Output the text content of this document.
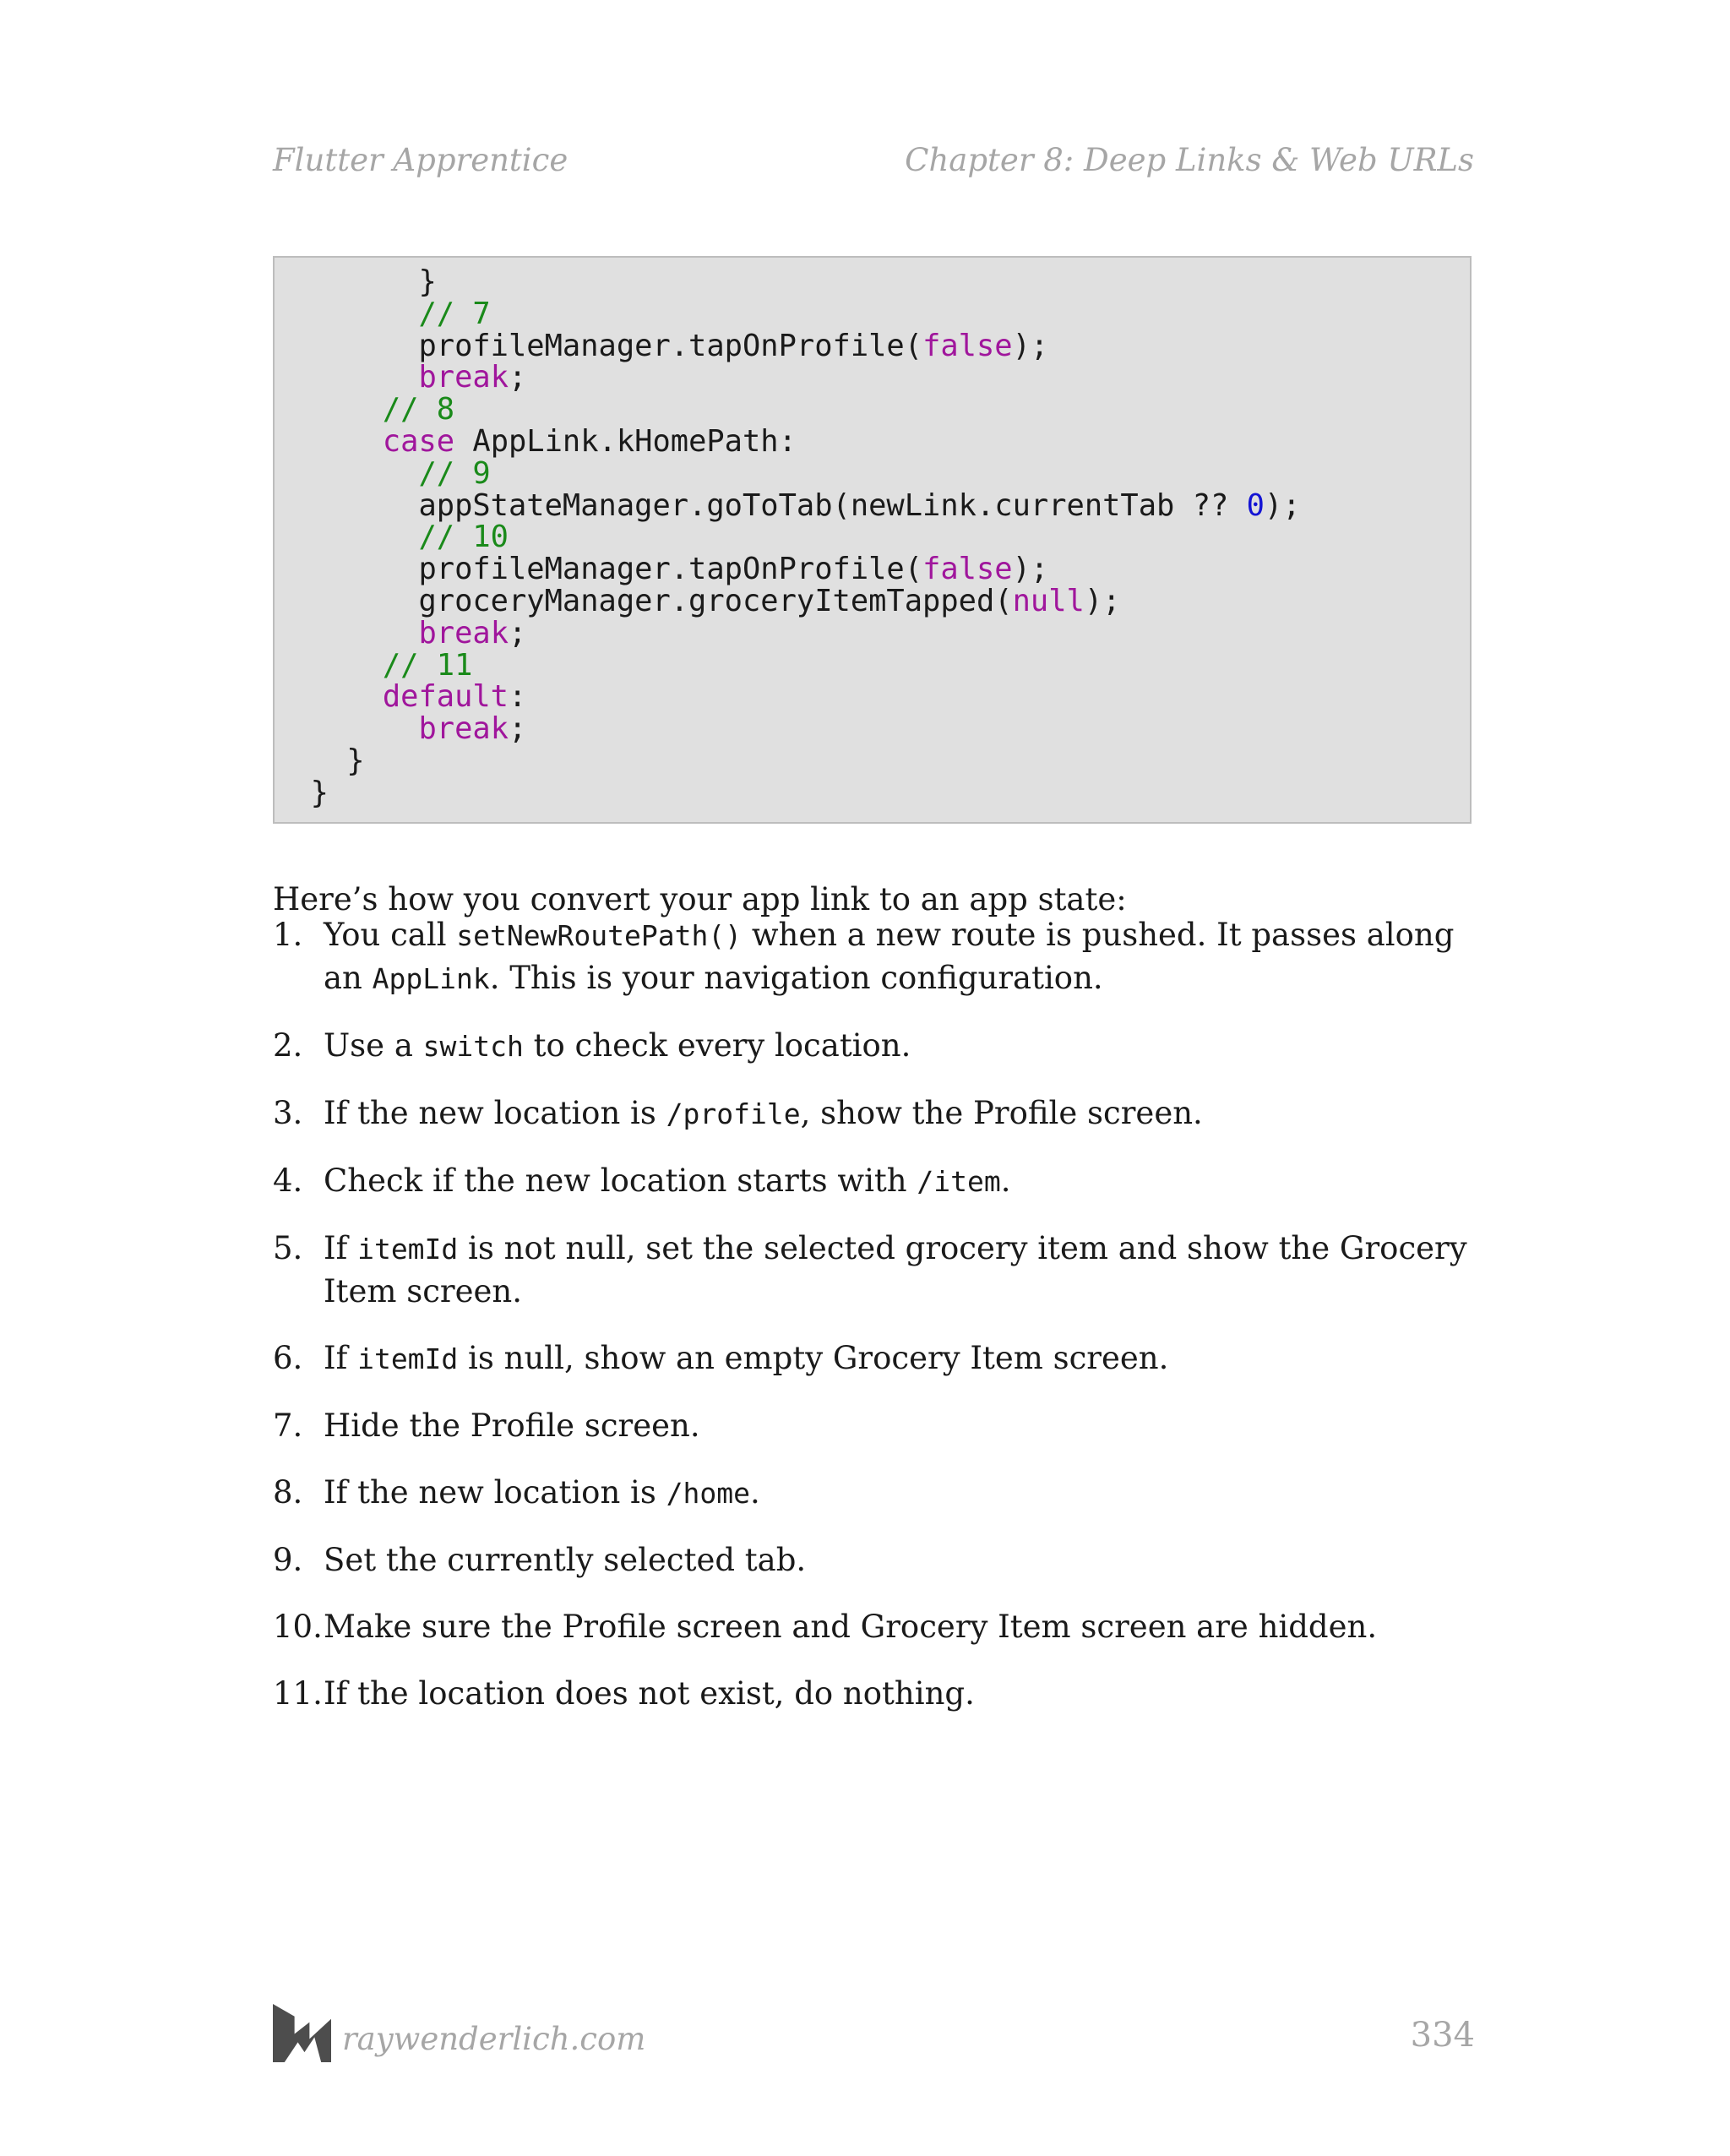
Flutter Apprentice	Chapter 8: Deep Links & Web URLs
}
// 7
profileManager.tapOnProfile(false);
break;
// 8
case AppLink.kHomePath:
// 9
appStateManager.goToTab(newLink.currentTab ?? 0);
// 10
profileManager.tapOnProfile(false);
groceryManager.groceryItemTapped(null);
break;
// 11
default:
break;
}
}

Here’s how you convert your app link to an app state:

1. You call setNewRoutePath() when a new route is pushed. It passes along an AppLink. This is your navigation configuration.
2. Use a switch to check every location.
3. If the new location is /profile, show the Profile screen.
4. Check if the new location starts with /item.
5. If itemId is not null, set the selected grocery item and show the Grocery Item screen.
6. If itemId is null, show an empty Grocery Item screen.
7. Hide the Profile screen.
8. If the new location is /home.
9. Set the currently selected tab.
10. Make sure the Profile screen and Grocery Item screen are hidden.
11. If the location does not exist, do nothing.
raywenderlich.com	334
